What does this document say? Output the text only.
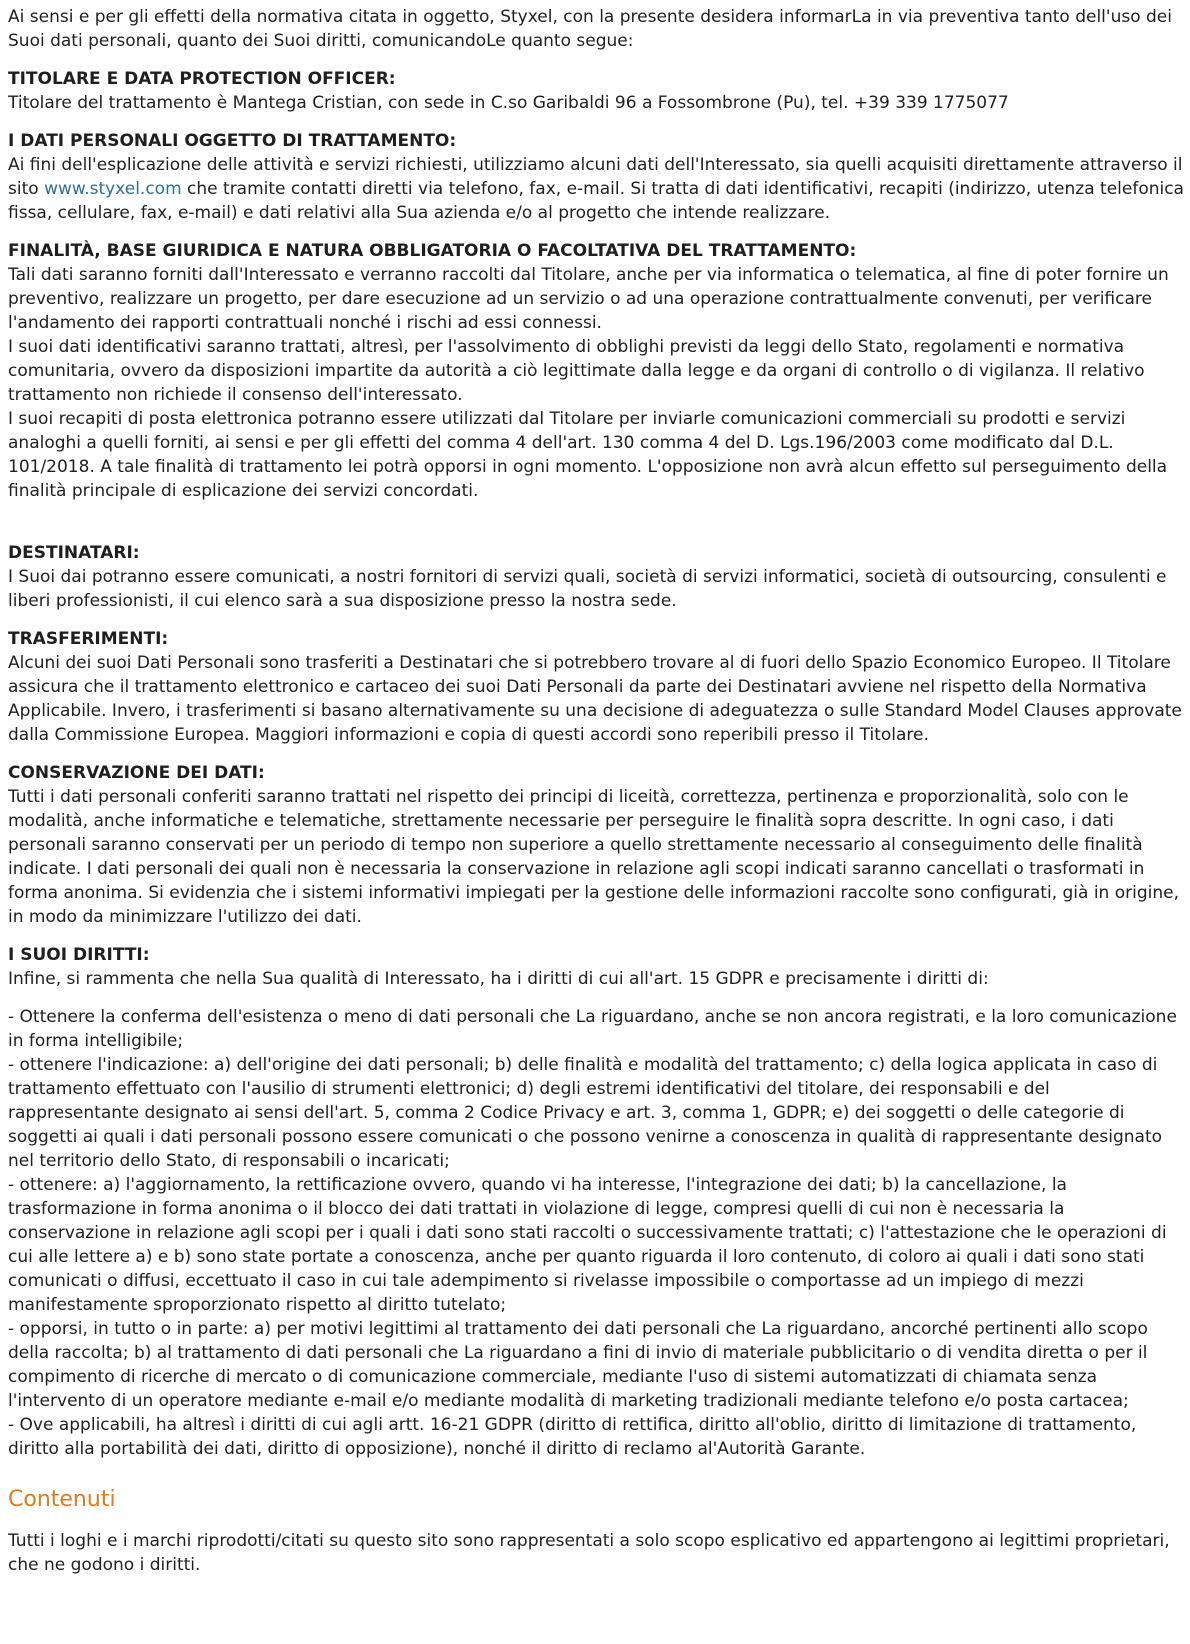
Ai sensi e per gli effetti della normativa citata in oggetto, Styxel, con la presente desidera informarLa in via preventiva tanto dell'uso dei Suoi dati personali, quanto dei Suoi diritti, comunicandoLe quanto segue:

TITOLARE E DATA PROTECTION OFFICER:

Titolare del trattamento è Mantega Cristian, con sede in C.so Garibaldi 96 a Fossombrone (Pu), tel. +39 339 1775077

I DATI PERSONALI OGGETTO DI TRATTAMENTO:

Ai fini dell'esplicazione delle attività e servizi richiesti, utilizziamo alcuni dati dell'Interessato, sia quelli acquisiti direttamente attraverso il sito www.styxel.com che tramite contatti diretti via telefono, fax, e-mail. Si tratta di dati identificativi, recapiti (indirizzo, utenza telefonica fissa, cellulare, fax, e-mail) e dati relativi alla Sua azienda e/o al progetto che intende realizzare.

FINALITÀ, BASE GIURIDICA E NATURA OBBLIGATORIA O FACOLTATIVA DEL TRATTAMENTO:

Tali dati saranno forniti dall'Interessato e verranno raccolti dal Titolare, anche per via informatica o telematica, al fine di poter fornire un preventivo, realizzare un progetto, per dare esecuzione ad un servizio o ad una operazione contrattualmente convenuti, per verificare l'andamento dei rapporti contrattuali nonché i rischi ad essi connessi.

I suoi dati identificativi saranno trattati, altresì, per l'assolvimento di obblighi previsti da leggi dello Stato, regolamenti e normativa comunitaria, ovvero da disposizioni impartite da autorità a ciò legittimate dalla legge e da organi di controllo o di vigilanza. Il relativo trattamento non richiede il consenso dell'interessato.

I suoi recapiti di posta elettronica potranno essere utilizzati dal Titolare per inviarle comunicazioni commerciali su prodotti e servizi analoghi a quelli forniti, ai sensi e per gli effetti del comma 4 dell'art. 130 comma 4 del D. Lgs.196/2003 come modificato dal D.L. 101/2018. A tale finalità di trattamento lei potrà opporsi in ogni momento. L'opposizione non avrà alcun effetto sul perseguimento della finalità principale di esplicazione dei servizi concordati.

DESTINATARI:

I Suoi dai potranno essere comunicati, a nostri fornitori di servizi quali, società di servizi informatici, società di outsourcing, consulenti e liberi professionisti, il cui elenco sarà a sua disposizione presso la nostra sede.

TRASFERIMENTI:

Alcuni dei suoi Dati Personali sono trasferiti a Destinatari che si potrebbero trovare al di fuori dello Spazio Economico Europeo. Il Titolare assicura che il trattamento elettronico e cartaceo dei suoi Dati Personali da parte dei Destinatari avviene nel rispetto della Normativa Applicabile. Invero, i trasferimenti si basano alternativamente su una decisione di adeguatezza o sulle Standard Model Clauses approvate dalla Commissione Europea. Maggiori informazioni e copia di questi accordi sono reperibili presso il Titolare.

CONSERVAZIONE DEI DATI:

Tutti i dati personali conferiti saranno trattati nel rispetto dei principi di liceità, correttezza, pertinenza e proporzionalità, solo con le modalità, anche informatiche e telematiche, strettamente necessarie per perseguire le finalità sopra descritte. In ogni caso, i dati personali saranno conservati per un periodo di tempo non superiore a quello strettamente necessario al conseguimento delle finalità indicate. I dati personali dei quali non è necessaria la conservazione in relazione agli scopi indicati saranno cancellati o trasformati in forma anonima. Si evidenzia che i sistemi informativi impiegati per la gestione delle informazioni raccolte sono configurati, già in origine, in modo da minimizzare l'utilizzo dei dati.

I SUOI DIRITTI:

Infine, si rammenta che nella Sua qualità di Interessato, ha i diritti di cui all'art. 15 GDPR e precisamente i diritti di:

- Ottenere la conferma dell'esistenza o meno di dati personali che La riguardano, anche se non ancora registrati, e la loro comunicazione in forma intelligibile;

- ottenere l'indicazione: a) dell'origine dei dati personali; b) delle finalità e modalità del trattamento; c) della logica applicata in caso di trattamento effettuato con l'ausilio di strumenti elettronici; d) degli estremi identificativi del titolare, dei responsabili e del rappresentante designato ai sensi dell'art. 5, comma 2 Codice Privacy e art. 3, comma 1, GDPR; e) dei soggetti o delle categorie di soggetti ai quali i dati personali possono essere comunicati o che possono venirne a conoscenza in qualità di rappresentante designato nel territorio dello Stato, di responsabili o incaricati;

- ottenere: a) l'aggiornamento, la rettificazione ovvero, quando vi ha interesse, l'integrazione dei dati; b) la cancellazione, la trasformazione in forma anonima o il blocco dei dati trattati in violazione di legge, compresi quelli di cui non è necessaria la conservazione in relazione agli scopi per i quali i dati sono stati raccolti o successivamente trattati; c) l'attestazione che le operazioni di cui alle lettere a) e b) sono state portate a conoscenza, anche per quanto riguarda il loro contenuto, di coloro ai quali i dati sono stati comunicati o diffusi, eccettuato il caso in cui tale adempimento si rivelasse impossibile o comportasse ad un impiego di mezzi manifestamente sproporzionato rispetto al diritto tutelato;

- opporsi, in tutto o in parte: a) per motivi legittimi al trattamento dei dati personali che La riguardano, ancorché pertinenti allo scopo della raccolta; b) al trattamento di dati personali che La riguardano a fini di invio di materiale pubblicitario o di vendita diretta o per il compimento di ricerche di mercato o di comunicazione commerciale, mediante l'uso di sistemi automatizzati di chiamata senza l'intervento di un operatore mediante e-mail e/o mediante modalità di marketing tradizionali mediante telefono e/o posta cartacea;

- Ove applicabili, ha altresì i diritti di cui agli artt. 16-21 GDPR (diritto di rettifica, diritto all'oblio, diritto di limitazione di trattamento, diritto alla portabilità dei dati, diritto di opposizione), nonché il diritto di reclamo al'Autorità Garante.

Contenuti

Tutti i loghi e i marchi riprodotti/citati su questo sito sono rappresentati a solo scopo esplicativo ed appartengono ai legittimi proprietari, che ne godono i diritti.
